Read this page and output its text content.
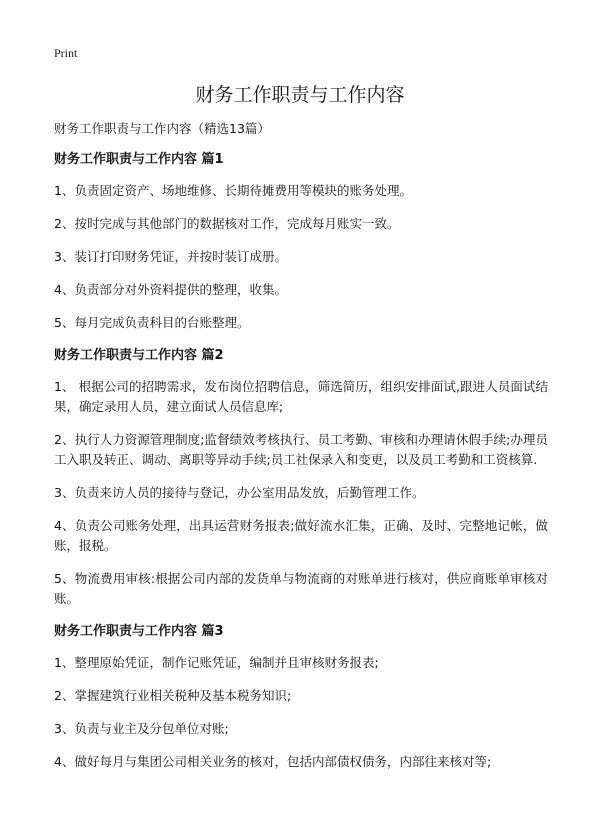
Print
财务工作职责与工作内容

财务工作职责与工作内容（精选13篇）

财务工作职责与工作内容 篇1

1、负责固定资产、场地维修、长期待摊费用等模块的账务处理。

2、按时完成与其他部门的数据核对工作，完成每月账实一致。

3、装订打印财务凭证，并按时装订成册。

4、负责部分对外资料提供的整理，收集。

5、每月完成负责科目的台账整理。

财务工作职责与工作内容 篇2

1、 根据公司的招聘需求，发布岗位招聘信息，筛选简历，组织安排面试,跟进人员面试结果，确定录用人员，建立面试人员信息库;

2、执行人力资源管理制度;监督绩效考核执行、员工考勤、审核和办理请休假手续;办理员工入职及转正、调动、离职等异动手续;员工社保录入和变更，以及员工考勤和工资核算.

3、负责来访人员的接待与登记，办公室用品发放，后勤管理工作。

4、负责公司账务处理，出具运营财务报表;做好流水汇集，正确、及时、完整地记帐，做账，报税。

5、物流费用审核:根据公司内部的发货单与物流商的对账单进行核对，供应商账单审核对账。

财务工作职责与工作内容 篇3

1、整理原始凭证，制作记账凭证，编制并且审核财务报表;

2、掌握建筑行业相关税种及基本税务知识;

3、负责与业主及分包单位对账;

4、做好每月与集团公司相关业务的核对，包括内部债权债务，内部往来核对等;
